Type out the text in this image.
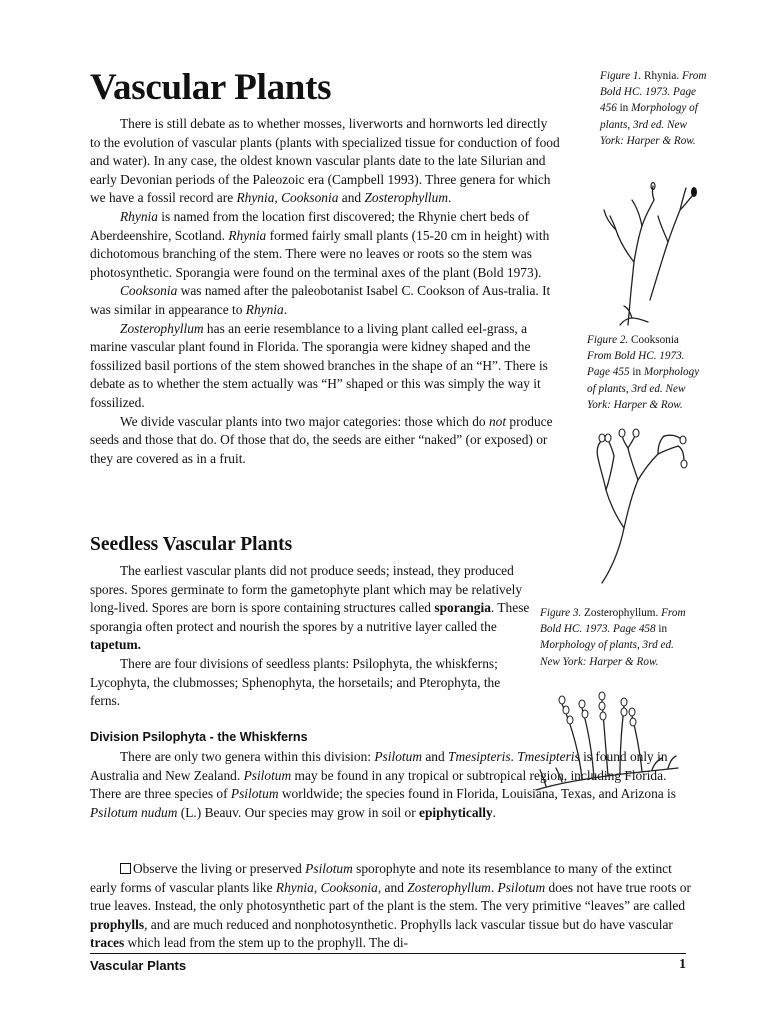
Vascular Plants

There is still debate as to whether mosses, liverworts and hornworts led directly to the evolution of vascular plants (plants with specialized tissue for conduction of food and water). In any case, the oldest known vascular plants date to the late Silurian and early Devonian periods of the Paleozoic era (Campbell 1993). Three genera for which we have a fossil record are Rhynia, Cooksonia and Zosterophyllum.

Rhynia is named from the location first discovered; the Rhynie chert beds of Aberdeenshire, Scotland. Rhynia formed fairly small plants (15-20 cm in height) with dichotomous branching of the stem. There were no leaves or roots so the stem was photosynthetic. Sporangia were found on the terminal axes of the plant (Bold 1973).

Cooksonia was named after the paleobotanist Isabel C. Cookson of Aus-tralia. It was similar in appearance to Rhynia.

Zosterophyllum has an eerie resemblance to a living plant called eel-grass, a marine vascular plant found in Florida. The sporangia were kidney shaped and the fossilized basil portions of the stem showed branches in the shape of an “H”. There is debate as to whether the stem actually was “H” shaped or this was simply the way it fossilized.

We divide vascular plants into two major categories: those which do not produce seeds and those that do. Of those that do, the seeds are either “naked” (or exposed) or they are covered as in a fruit.

Seedless Vascular Plants

The earliest vascular plants did not produce seeds; instead, they produced spores. Spores germinate to form the gametophyte plant which may be relatively long-lived. Spores are born is spore containing structures called sporangia. These sporangia often protect and nourish the spores by a nutritive layer called the tapetum.

There are four divisions of seedless plants: Psilophyta, the whiskferns; Lycophyta, the clubmosses; Sphenophyta, the horsetails; and Pterophyta, the ferns.

Division Psilophyta - the Whiskferns

There are only two genera within this division: Psilotum and Tmesipteris. Tmesipteris is found only in Australia and New Zealand. Psilotum may be found in any tropical or subtropical region, including Florida. There are three species of Psilotum worldwide; the species found in Florida, Louisiana, Texas, and Arizona is Psilotum nudum (L.) Beauv. Our species may grow in soil or epiphytically.

Observe the living or preserved Psilotum sporophyte and note its resemblance to many of the extinct early forms of vascular plants like Rhynia, Cooksonia, and Zosterophyllum. Psilotum does not have true roots or true leaves. Instead, the only photosynthetic part of the plant is the stem. The very primitive “leaves” are called prophylls, and are much reduced and nonphotosynthetic. Prophylls lack vascular tissue but do have vascular traces which lead from the stem up to the prophyll. The di-

Figure 1. Rhynia. From Bold HC. 1973. Page 456 in Morphology of plants, 3rd ed. New York: Harper & Row.
Figure 2. Cooksonia From Bold HC. 1973. Page 455 in Morphology of plants, 3rd ed. New York: Harper & Row.
Figure 3. Zosterophyllum. From Bold HC. 1973. Page 458 in Morphology of plants, 3rd ed. New York: Harper & Row.
Vascular Plants	1
